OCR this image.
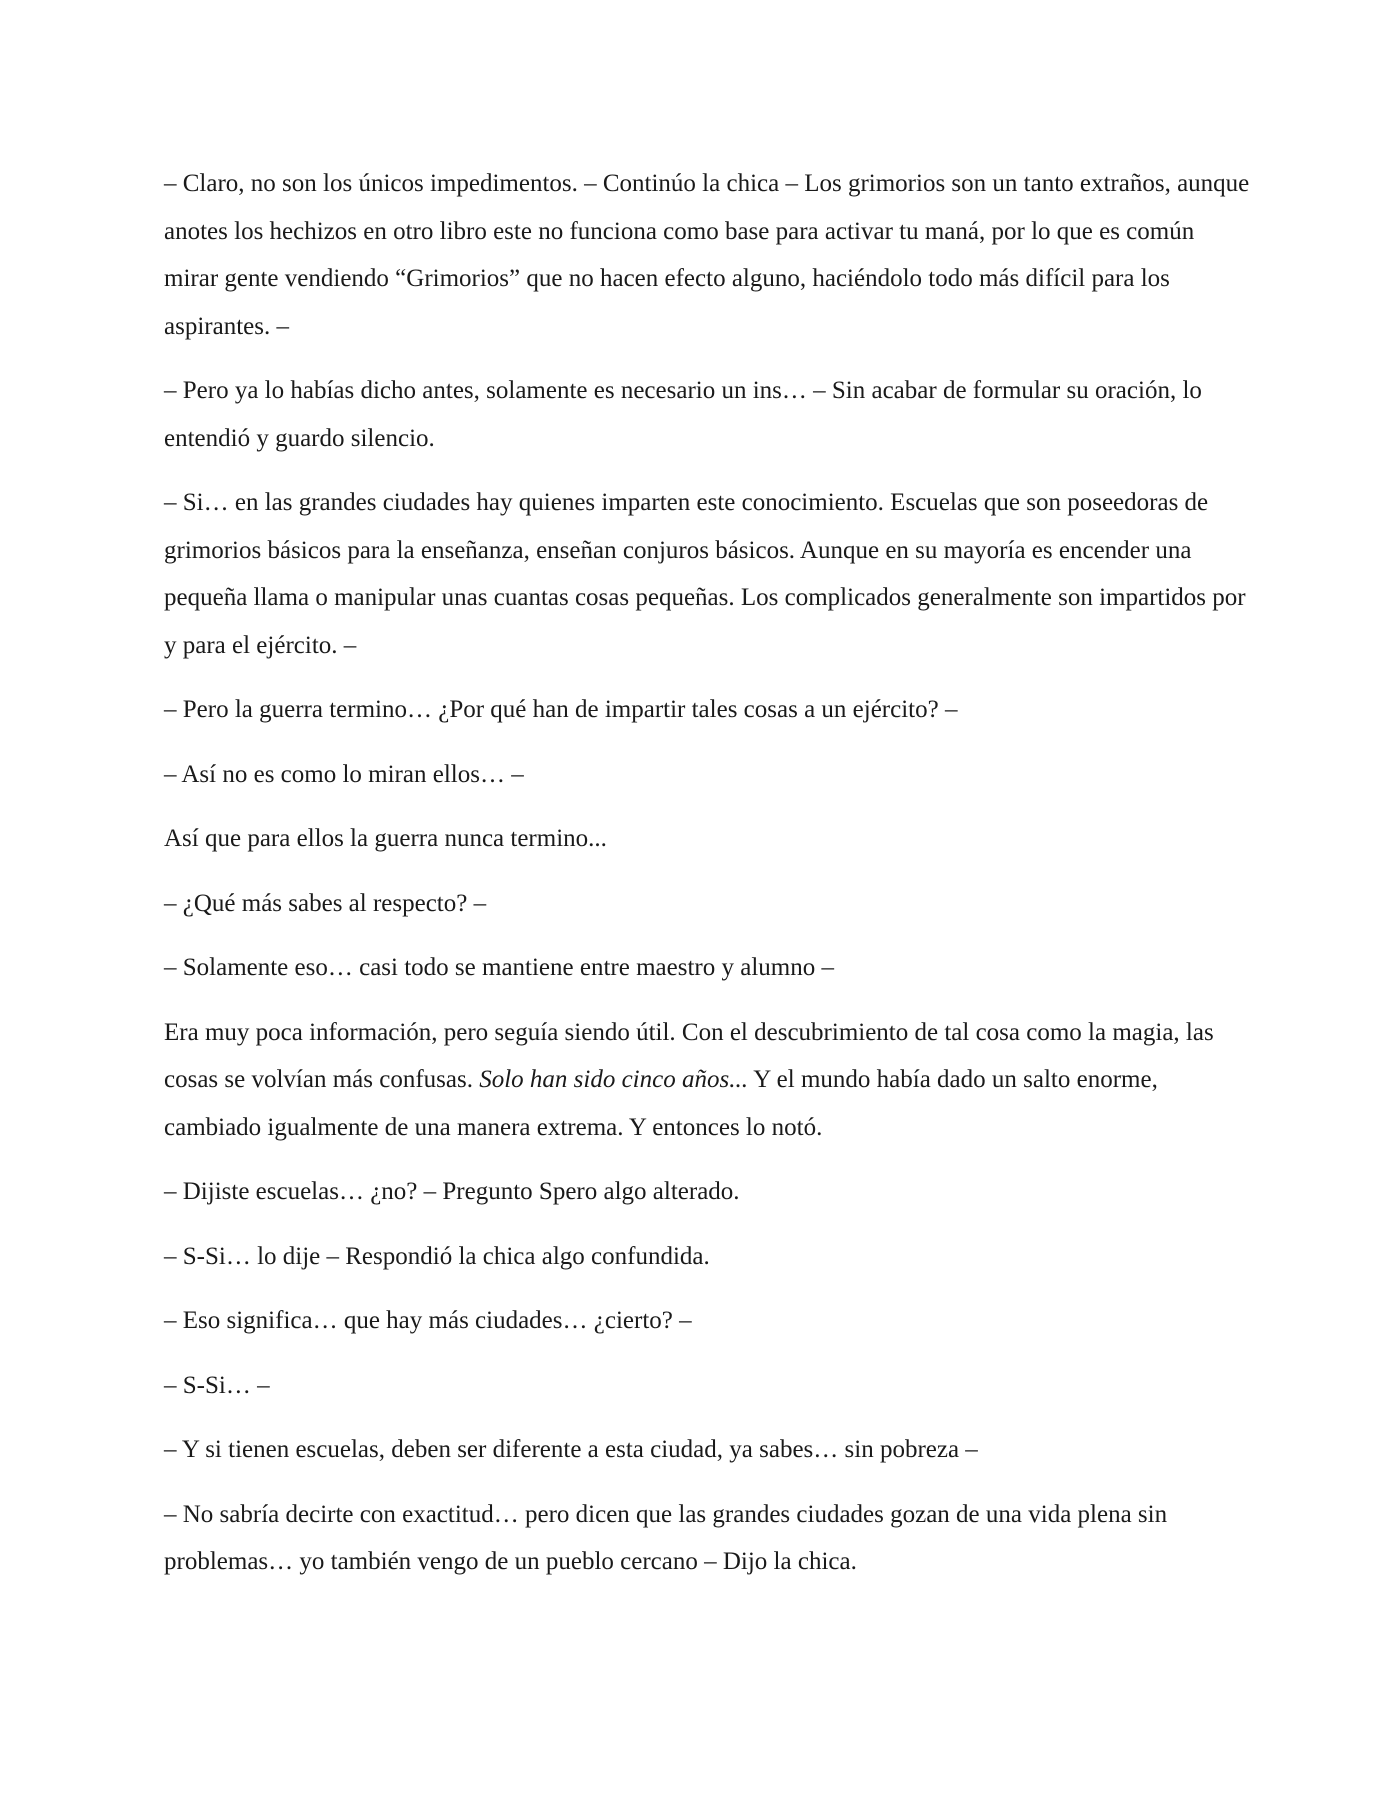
– Claro, no son los únicos impedimentos. – Continúo la chica – Los grimorios son un tanto extraños, aunque anotes los hechizos en otro libro este no funciona como base para activar tu maná, por lo que es común mirar gente vendiendo “Grimorios” que no hacen efecto alguno, haciéndolo todo más difícil para los aspirantes. –

– Pero ya lo habías dicho antes, solamente es necesario un ins… – Sin acabar de formular su oración, lo entendió y guardo silencio.

– Si… en las grandes ciudades hay quienes imparten este conocimiento. Escuelas que son poseedoras de grimorios básicos para la enseñanza, enseñan conjuros básicos. Aunque en su mayoría es encender una pequeña llama o manipular unas cuantas cosas pequeñas. Los complicados generalmente son impartidos por y para el ejército. –

– Pero la guerra termino… ¿Por qué han de impartir tales cosas a un ejército? –

– Así no es como lo miran ellos… –

Así que para ellos la guerra nunca termino...

– ¿Qué más sabes al respecto? –

– Solamente eso… casi todo se mantiene entre maestro y alumno –

Era muy poca información, pero seguía siendo útil. Con el descubrimiento de tal cosa como la magia, las cosas se volvían más confusas. Solo han sido cinco años... Y el mundo había dado un salto enorme, cambiado igualmente de una manera extrema. Y entonces lo notó.

– Dijiste escuelas… ¿no? – Pregunto Spero algo alterado.

– S-Si… lo dije – Respondió la chica algo confundida.

– Eso significa… que hay más ciudades… ¿cierto? –

– S-Si… –

– Y si tienen escuelas, deben ser diferente a esta ciudad, ya sabes… sin pobreza –

– No sabría decirte con exactitud… pero dicen que las grandes ciudades gozan de una vida plena sin problemas… yo también vengo de un pueblo cercano – Dijo la chica.
